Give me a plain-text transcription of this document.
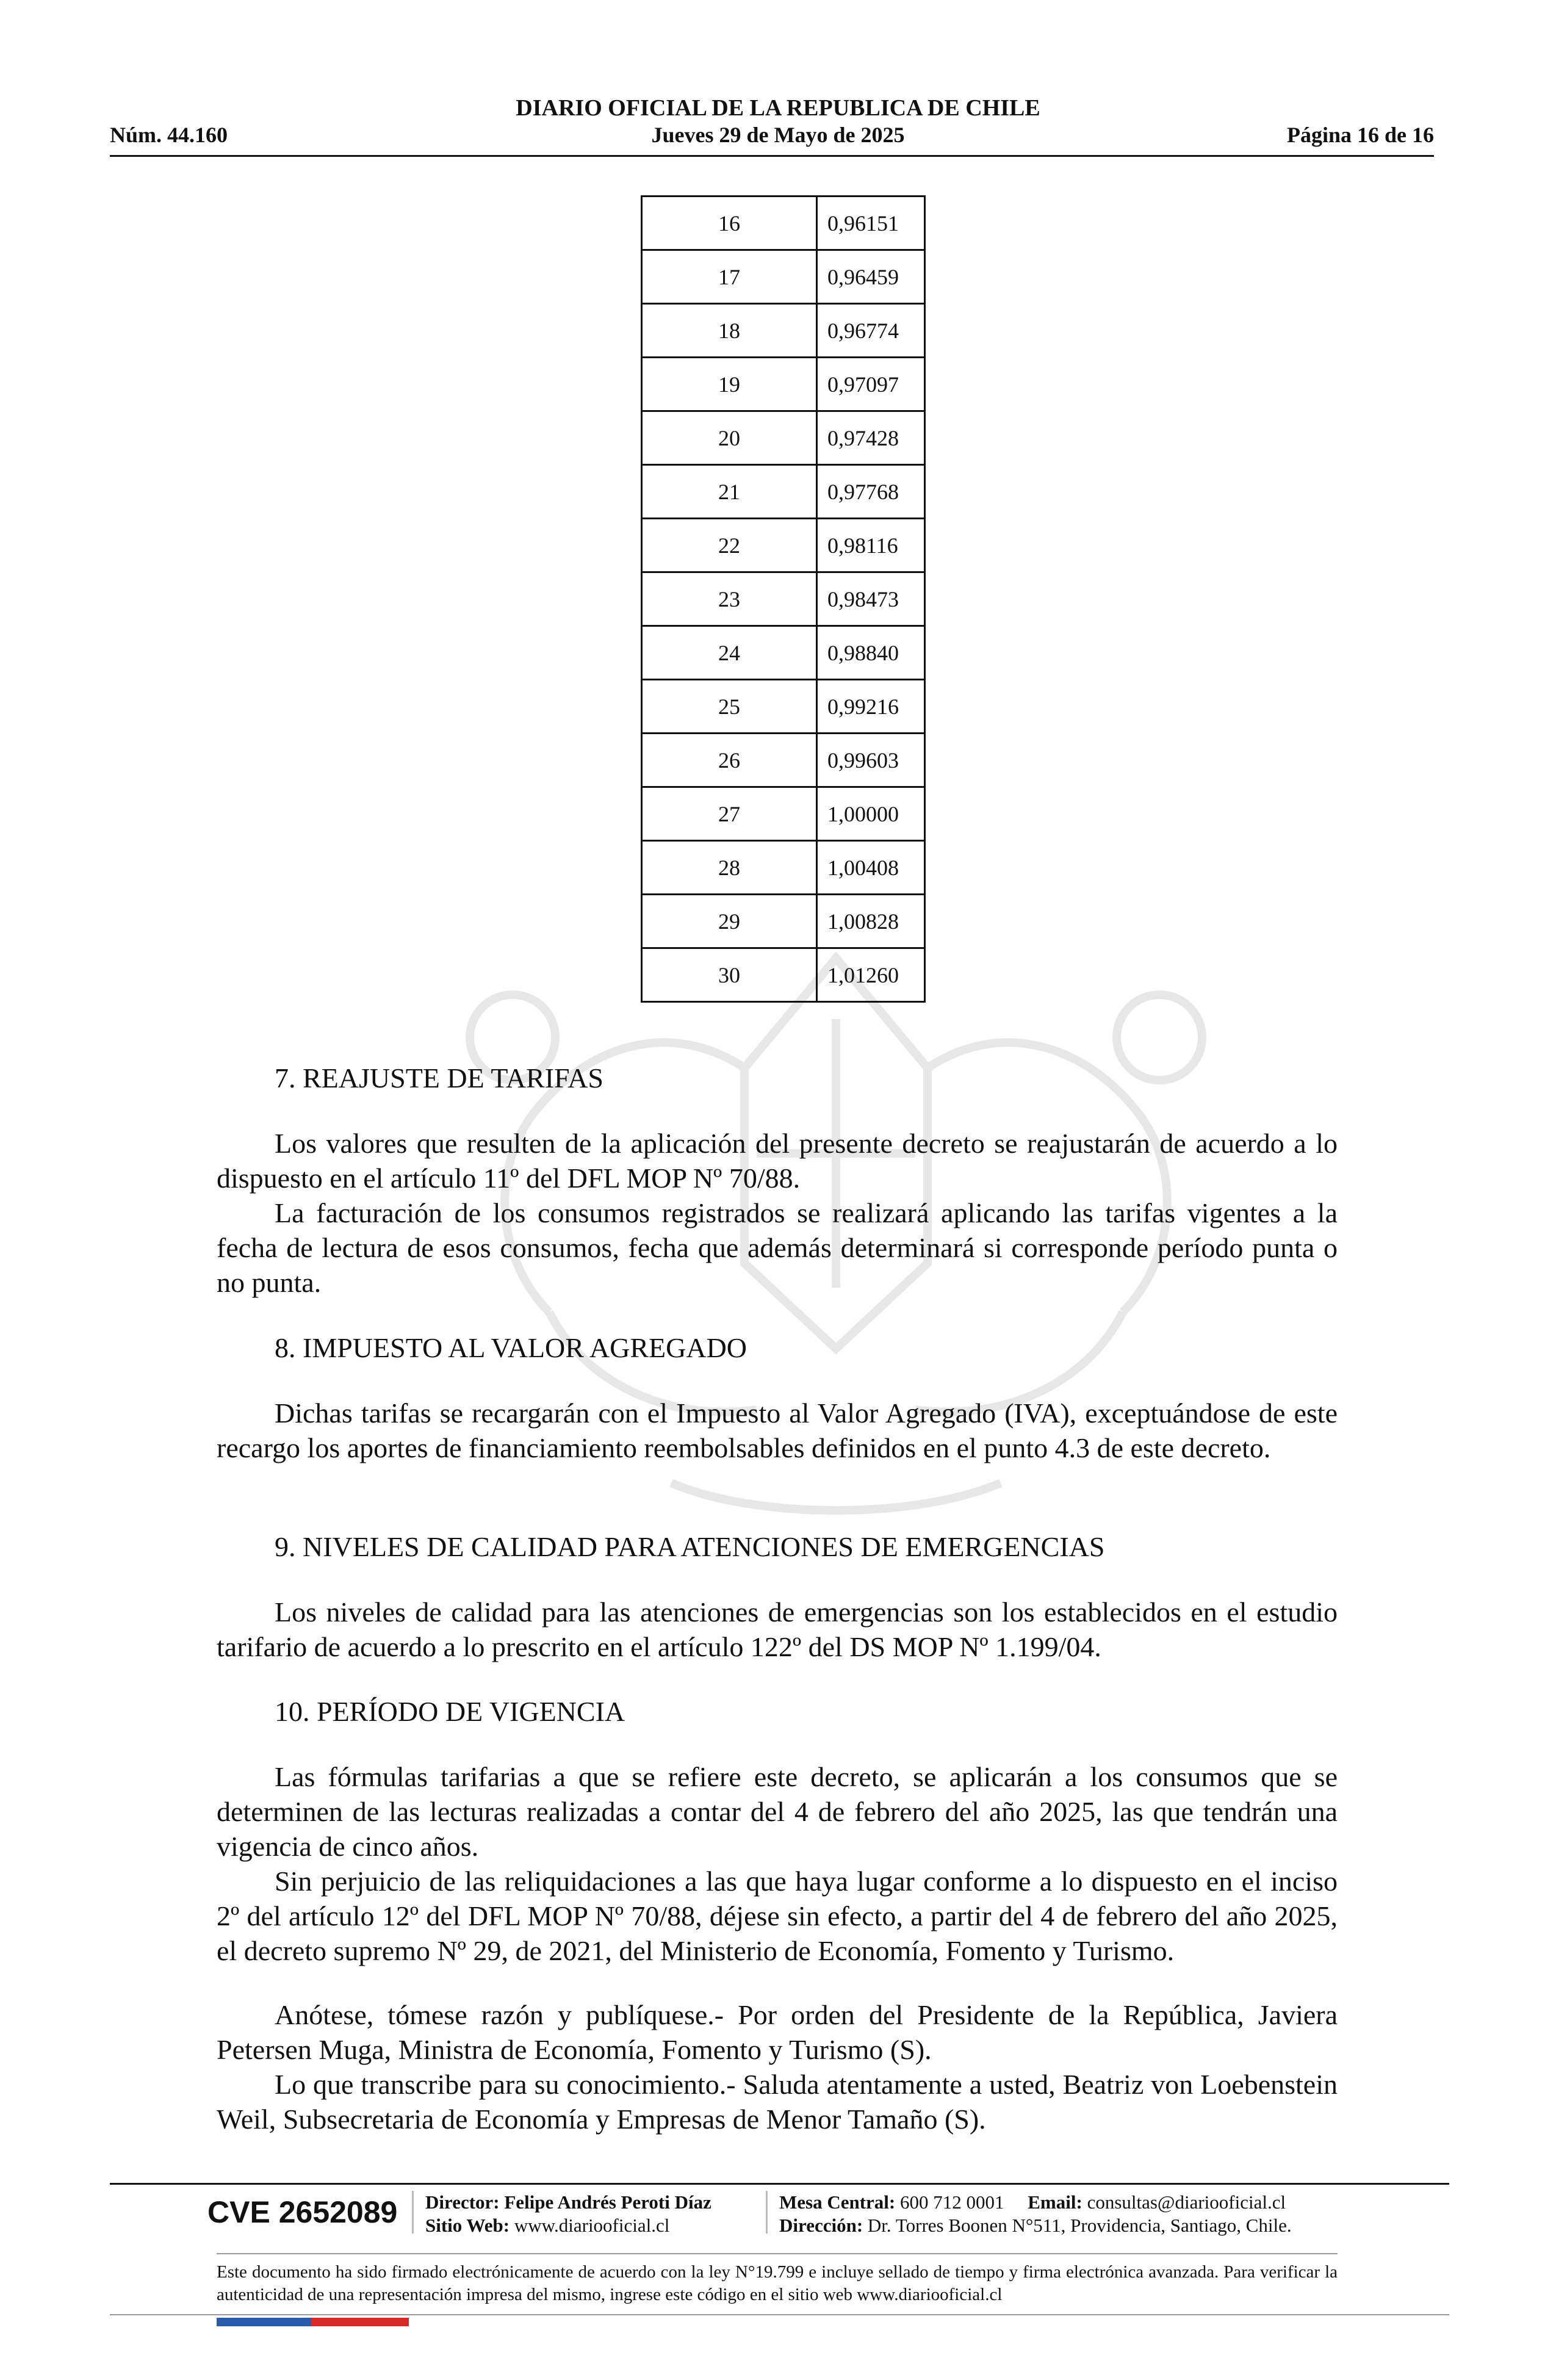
DIARIO OFICIAL DE LA REPUBLICA DE CHILE
Núm. 44.160	Jueves 29 de Mayo de 2025	Página 16 de 16
16	0,96151
17	0,96459
18	0,96774
19	0,97097
20	0,97428
21	0,97768
22	0,98116
23	0,98473
24	0,98840
25	0,99216
26	0,99603
27	1,00000
28	1,00408
29	1,00828
30	1,01260
7. REAJUSTE DE TARIFAS

Los valores que resulten de la aplicación del presente decreto se reajustarán de acuerdo a lo dispuesto en el artículo 11º del DFL MOP Nº 70/88.

La facturación de los consumos registrados se realizará aplicando las tarifas vigentes a la fecha de lectura de esos consumos, fecha que además determinará si corresponde período punta o no punta.

8. IMPUESTO AL VALOR AGREGADO

Dichas tarifas se recargarán con el Impuesto al Valor Agregado (IVA), exceptuándose de este recargo los aportes de financiamiento reembolsables definidos en el punto 4.3 de este decreto.

9. NIVELES DE CALIDAD PARA ATENCIONES DE EMERGENCIAS

Los niveles de calidad para las atenciones de emergencias son los establecidos en el estudio tarifario de acuerdo a lo prescrito en el artículo 122º del DS MOP Nº 1.199/04.

10. PERÍODO DE VIGENCIA

Las fórmulas tarifarias a que se refiere este decreto, se aplicarán a los consumos que se determinen de las lecturas realizadas a contar del 4 de febrero del año 2025, las que tendrán una vigencia de cinco años.

Sin perjuicio de las reliquidaciones a las que haya lugar conforme a lo dispuesto en el inciso 2º del artículo 12º del DFL MOP Nº 70/88, déjese sin efecto, a partir del 4 de febrero del año 2025, el decreto supremo Nº 29, de 2021, del Ministerio de Economía, Fomento y Turismo.

Anótese, tómese razón y publíquese.- Por orden del Presidente de la República, Javiera Petersen Muga, Ministra de Economía, Fomento y Turismo (S).

Lo que transcribe para su conocimiento.- Saluda atentamente a usted, Beatriz von Loebenstein Weil, Subsecretaria de Economía y Empresas de Menor Tamaño (S).

CVE 2652089 Director: Felipe Andrés Peroti Díaz
Sitio Web: www.diariooficial.cl
Mesa Central: 600 712 0001 Email: consultas@diariooficial.cl
Dirección: Dr. Torres Boonen N°511, Providencia, Santiago, Chile.
Este documento ha sido firmado electrónicamente de acuerdo con la ley N°19.799 e incluye sellado de tiempo y firma electrónica avanzada. Para verificar la autenticidad de una representación impresa del mismo, ingrese este código en el sitio web www.diariooficial.cl
